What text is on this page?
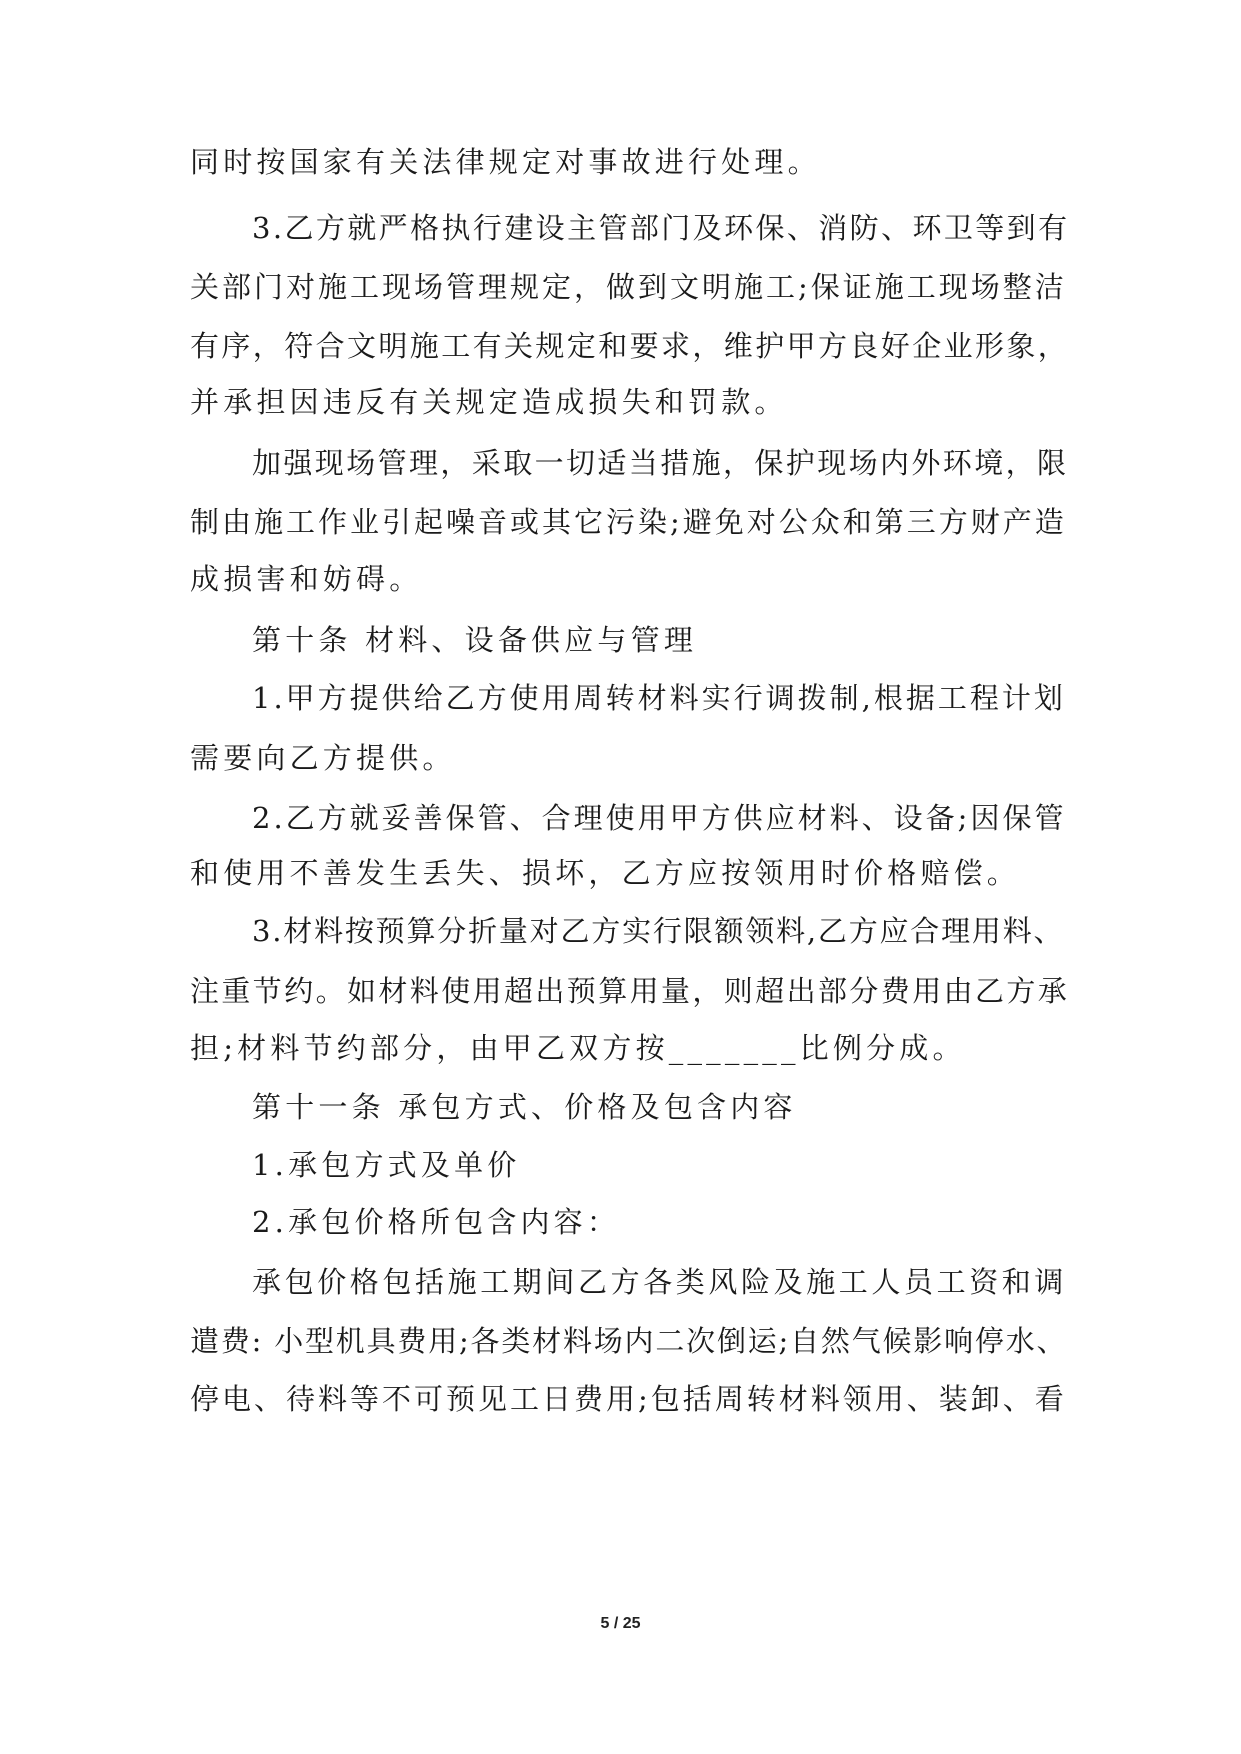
同时按国家有关法律规定对事故进行处理。
3.乙方就严格执行建设主管部门及环保、消防、环卫等到有
关部门对施工现场管理规定，做到文明施工;保证施工现场整洁
有序，符合文明施工有关规定和要求，维护甲方良好企业形象，
并承担因违反有关规定造成损失和罚款。
加强现场管理，采取一切适当措施，保护现场内外环境，限
制由施工作业引起噪音或其它污染;避免对公众和第三方财产造
成损害和妨碍。
第十条 材料、设备供应与管理
1.甲方提供给乙方使用周转材料实行调拨制,根据工程计划
需要向乙方提供。
2.乙方就妥善保管、合理使用甲方供应材料、设备;因保管
和使用不善发生丢失、损坏，乙方应按领用时价格赔偿。
3.材料按预算分折量对乙方实行限额领料,乙方应合理用料、
注重节约。如材料使用超出预算用量，则超出部分费用由乙方承
担;材料节约部分，由甲乙双方按_______比例分成。
第十一条 承包方式、价格及包含内容
1.承包方式及单价
2.承包价格所包含内容：
承包价格包括施工期间乙方各类风险及施工人员工资和调
遣费: 小型机具费用;各类材料场内二次倒运;自然气候影响停水、
停电、待料等不可预见工日费用;包括周转材料领用、装卸、看
5 / 25
